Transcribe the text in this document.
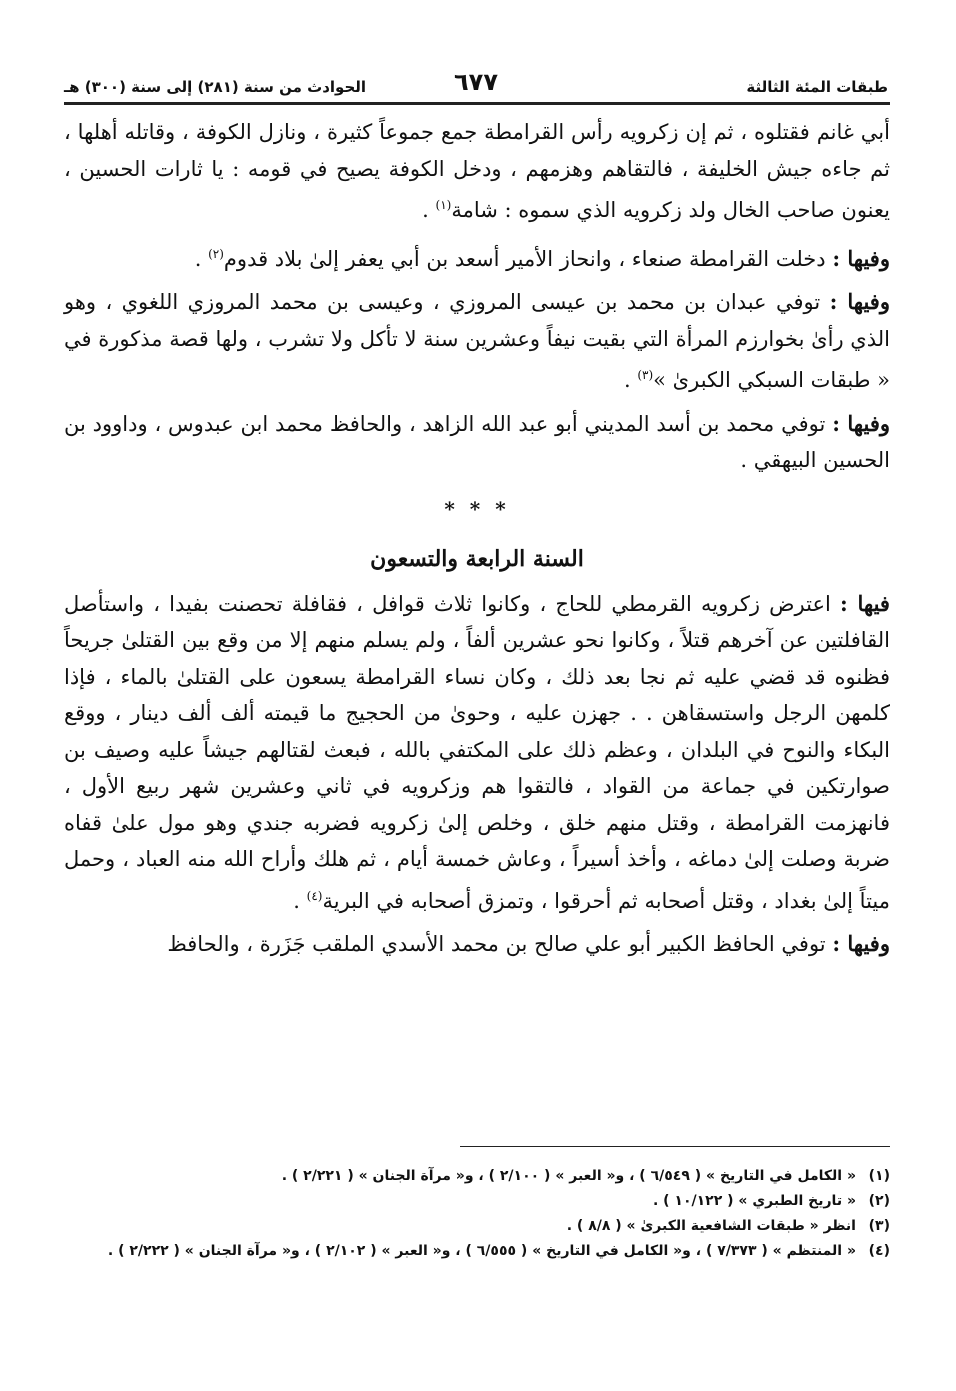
طبقات المئة الثالثة
٦٧٧
الحوادث من سنة (٢٨١) إلى سنة (٣٠٠) هـ

أبي غانم فقتلوه ، ثم إن زكرويه رأس القرامطة جمع جموعاً كثيرة ، ونازل الكوفة ، وقاتله أهلها ، ثم جاءه جيش الخليفة ، فالتقاهم وهزمهم ، ودخل الكوفة يصيح في قومه : يا ثارات الحسين ، يعنون صاحب الخال ولد زكرويه الذي سموه : شامة$^{(١)}$ .

وفيها : دخلت القرامطة صنعاء ، وانحاز الأمير أسعد بن أبي يعفر إلىٰ بلاد قدوم$^{(٢)}$ .

وفيها : توفي عبدان بن محمد بن عيسى المروزي ، وعيسى بن محمد المروزي اللغوي ، وهو الذي رأىٰ بخوارزم المرأة التي بقيت نيفاً وعشرين سنة لا تأكل ولا تشرب ، ولها قصة مذكورة في « طبقات السبكي الكبرىٰ »$^{(٣)}$ .

وفيها : توفي محمد بن أسد المديني أبو عبد الله الزاهد ، والحافظ محمد ابن عبدوس ، وداوود بن الحسين البيهقي .

* * *
السنة الرابعة والتسعون

فيها : اعترض زكرويه القرمطي للحاج ، وكانوا ثلاث قوافل ، فقافلة تحصنت بفيدا ، واستأصل القافلتين عن آخرهم قتلاً ، وكانوا نحو عشرين ألفاً ، ولم يسلم منهم إلا من وقع بين القتلىٰ جريحاً فظنوه قد قضي عليه ثم نجا بعد ذلك ، وكان نساء القرامطة يسعون على القتلىٰ بالماء ، فإذا كلمهن الرجل واستسقاهن . . جهزن عليه ، وحوىٰ من الحجيج ما قيمته ألف ألف دينار ، ووقع البكاء والنوح في البلدان ، وعظم ذلك على المكتفي بالله ، فبعث لقتالهم جيشاً عليه وصيف بن صوارتكين في جماعة من القواد ، فالتقوا هم وزكرويه في ثاني وعشرين شهر ربيع الأول ، فانهزمت القرامطة ، وقتل منهم خلق ، وخلص إلىٰ زكرويه فضربه جندي وهو مول علىٰ قفاه ضربة وصلت إلىٰ دماغه ، وأخذ أسيراً ، وعاش خمسة أيام ، ثم هلك وأراح الله منه العباد ، وحمل ميتاً إلىٰ بغداد ، وقتل أصحابه ثم أحرقوا ، وتمزق أصحابه في البرية$^{(٤)}$ .

وفيها : توفي الحافظ الكبير أبو علي صالح بن محمد الأسدي الملقب جَزَرة ، والحافظ

(١)
« الكامل في التاريخ » ( ٦/٥٤٩ ) ، و« العبر » ( ٢/١٠٠ ) ، و« مرآة الجنان » ( ٢/٢٢١ ) .
(٢)
« تاريخ الطبري » ( ١٠/١٢٢ ) .
(٣)
انظر « طبقات الشافعية الكبرىٰ » ( ٨/٨ ) .
(٤)
« المنتظم » ( ٧/٣٧٣ ) ، و« الكامل في التاريخ » ( ٦/٥٥٥ ) ، و« العبر » ( ٢/١٠٢ ) ، و« مرآة الجنان » ( ٢/٢٢٢ ) .
